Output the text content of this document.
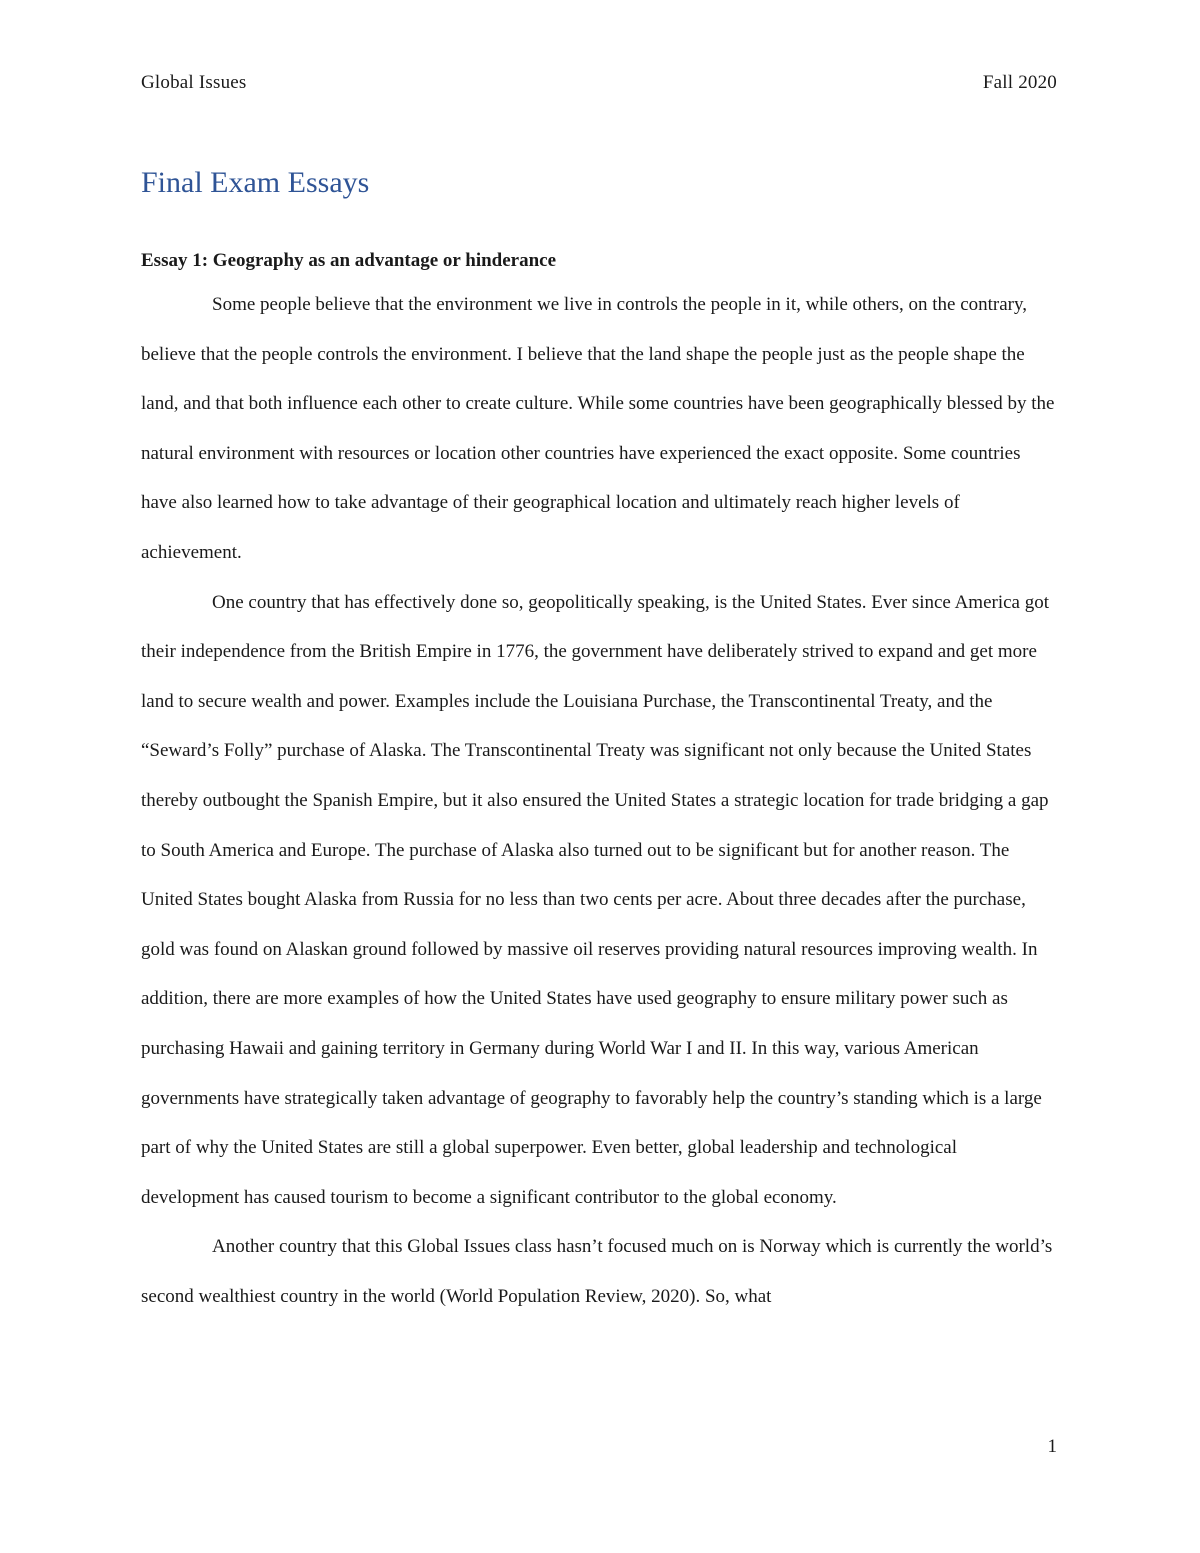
Global Issues	Fall 2020
Final Exam Essays
Essay 1: Geography as an advantage or hinderance

Some people believe that the environment we live in controls the people in it, while others, on the contrary, believe that the people controls the environment. I believe that the land shape the people just as the people shape the land, and that both influence each other to create culture. While some countries have been geographically blessed by the natural environment with resources or location other countries have experienced the exact opposite. Some countries have also learned how to take advantage of their geographical location and ultimately reach higher levels of achievement.

One country that has effectively done so, geopolitically speaking, is the United States. Ever since America got their independence from the British Empire in 1776, the government have deliberately strived to expand and get more land to secure wealth and power. Examples include the Louisiana Purchase, the Transcontinental Treaty, and the “Seward’s Folly” purchase of Alaska. The Transcontinental Treaty was significant not only because the United States thereby outbought the Spanish Empire, but it also ensured the United States a strategic location for trade bridging a gap to South America and Europe. The purchase of Alaska also turned out to be significant but for another reason. The United States bought Alaska from Russia for no less than two cents per acre. About three decades after the purchase, gold was found on Alaskan ground followed by massive oil reserves providing natural resources improving wealth. In addition, there are more examples of how the United States have used geography to ensure military power such as purchasing Hawaii and gaining territory in Germany during World War I and II. In this way, various American governments have strategically taken advantage of geography to favorably help the country’s standing which is a large part of why the United States are still a global superpower. Even better, global leadership and technological development has caused tourism to become a significant contributor to the global economy.

Another country that this Global Issues class hasn’t focused much on is Norway which is currently the world’s second wealthiest country in the world (World Population Review, 2020). So, what

1
